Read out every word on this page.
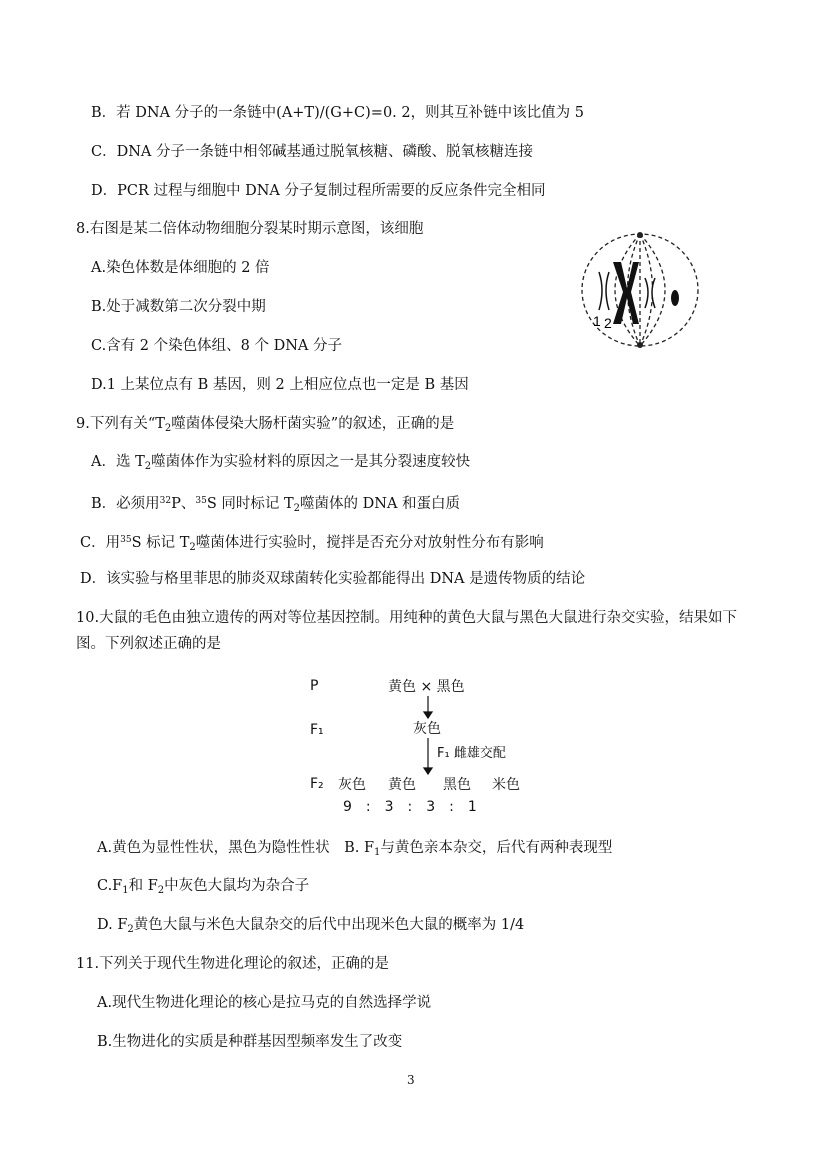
B．若 DNA 分子的一条链中(A+T)/(G+C)=0. 2，则其互补链中该比值为 5
C．DNA 分子一条链中相邻碱基通过脱氧核糖、磷酸、脱氧核糖连接
D．PCR 过程与细胞中 DNA 分子复制过程所需要的反应条件完全相同
8.右图是某二倍体动物细胞分裂某时期示意图，该细胞
A.染色体数是体细胞的 2 倍
B.处于减数第二次分裂中期
C.含有 2 个染色体组、8 个 DNA 分子
D.1 上某位点有 B 基因，则 2 上相应位点也一定是 B 基因
1 2
9.下列有关“$T_2$噬菌体侵染大肠杆菌实验”的叙述，正确的是
A．选 $T_2$噬菌体作为实验材料的原因之一是其分裂速度较快
B．必须用$^{32}$P、$^{35}$S 同时标记 $T_2$噬菌体的 DNA 和蛋白质
C．用$^{35}$S 标记 $T_2$噬菌体进行实验时，搅拌是否充分对放射性分布有影响
D．该实验与格里菲思的肺炎双球菌转化实验都能得出 DNA 是遗传物质的结论
10.大鼠的毛色由独立遗传的两对等位基因控制。用纯种的黄色大鼠与黑色大鼠进行杂交实验，结果如下
图。下列叙述正确的是
P	黄色 × 黑色
F₁	灰色
F₁ 雌雄交配
F₂ 灰色 黄色 黑色 米色
9　:　3　:　3　:　1
A.黄色为显性性状，黑色为隐性性状　 B. $F_1$与黄色亲本杂交，后代有两种表现型
$C.F_1$和 $F_2$中灰色大鼠均为杂合子
D. $F_2$黄色大鼠与米色大鼠杂交的后代中出现米色大鼠的概率为 1/4
11.下列关于现代生物进化理论的叙述，正确的是
A.现代生物进化理论的核心是拉马克的自然选择学说
B.生物进化的实质是种群基因型频率发生了改变
3
